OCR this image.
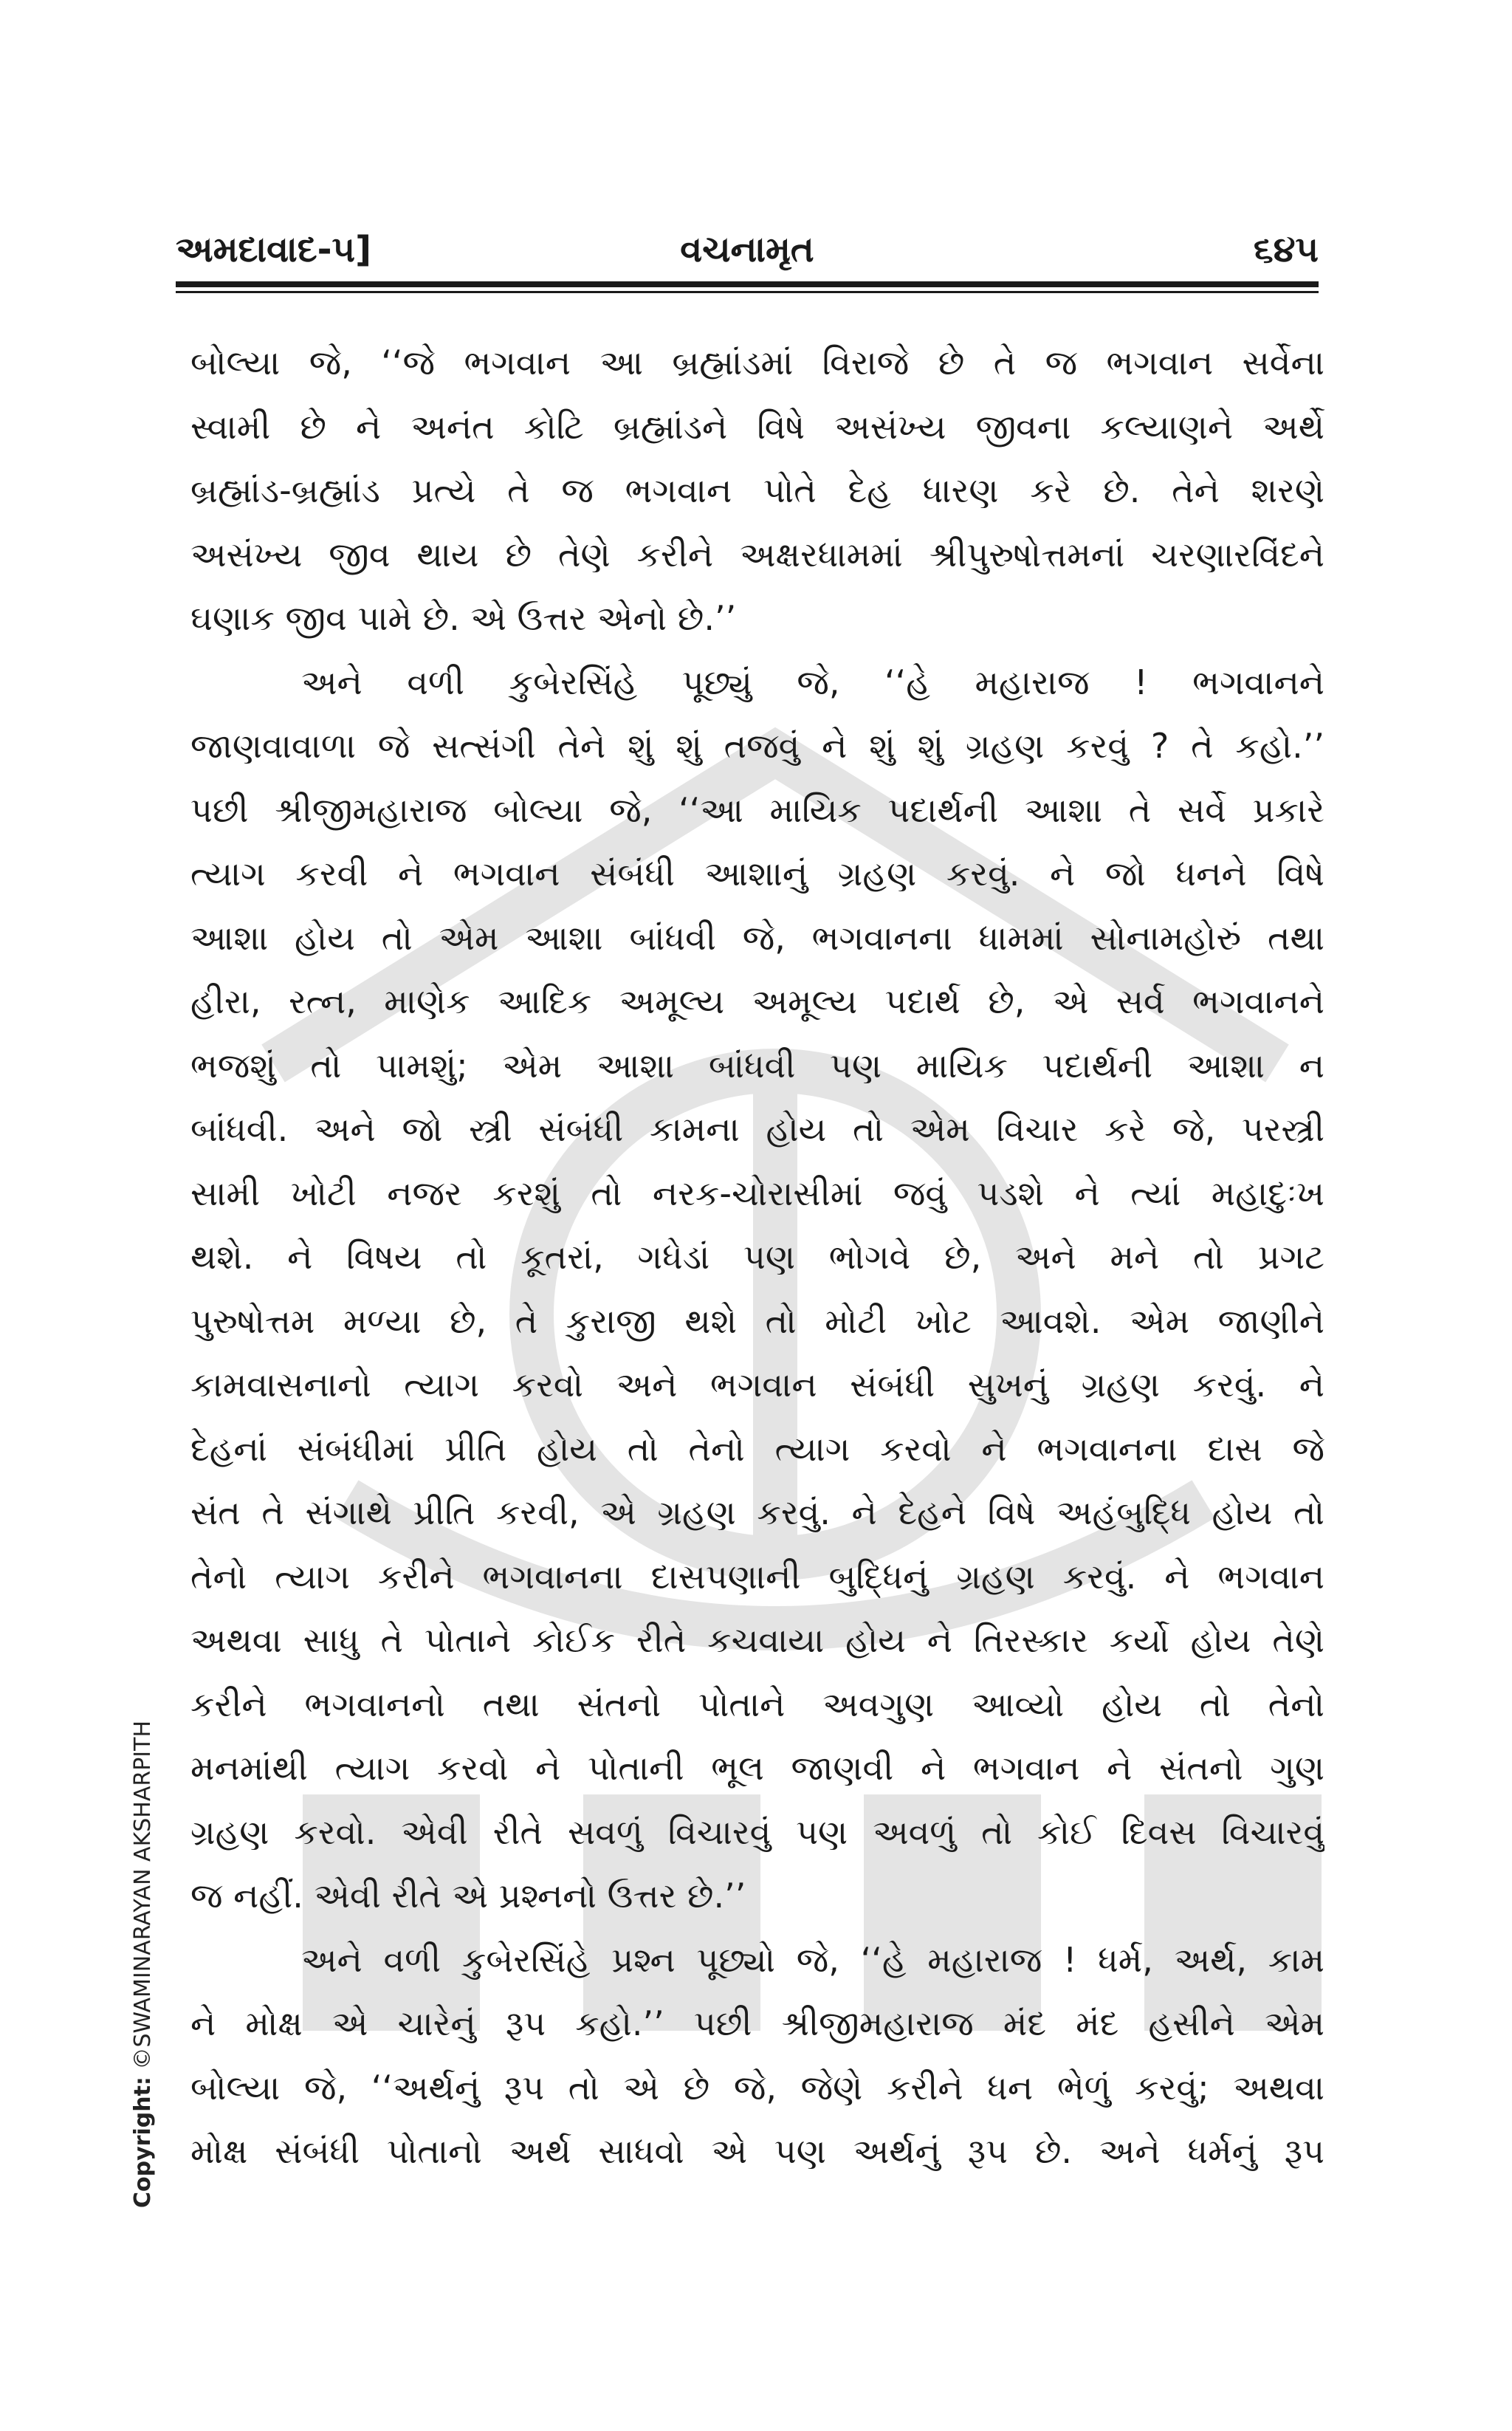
અમદાવાદ-૫]	વચનામૃત	૬૪૫
બોલ્યા જે, ‘‘જે ભગવાન આ બ્રહ્માંડમાં વિરાજે છે તે જ ભગવાન સર્વેના
સ્વામી છે ને અનંત કોટિ બ્રહ્માંડને વિષે અસંખ્ય જીવના કલ્યાણને અર્થે
બ્રહ્માંડ-બ્રહ્માંડ પ્રત્યે તે જ ભગવાન પોતે દેહ ધારણ કરે છે. તેને શરણે
અસંખ્ય જીવ થાય છે તેણે કરીને અક્ષરધામમાં શ્રીપુરુષોત્તમનાં ચરણારવિંદને
ઘણાક જીવ પામે છે. એ ઉત્તર એનો છે.’’
અને વળી કુબેરસિંહે પૂછ્યું જે, ‘‘હે મહારાજ ! ભગવાનને
જાણવાવાળા જે સત્સંગી તેને શું શું તજવું ને શું શું ગ્રહણ કરવું ? તે કહો.’’
પછી શ્રીજીમહારાજ બોલ્યા જે, ‘‘આ માયિક પદાર્થની આશા તે સર્વે પ્રકારે
ત્યાગ કરવી ને ભગવાન સંબંધી આશાનું ગ્રહણ કરવું. ને જો ધનને વિષે
આશા હોય તો એમ આશા બાંધવી જે, ભગવાનના ધામમાં સોનામહોરું તથા
હીરા, રત્ન, માણેક આદિક અમૂલ્ય અમૂલ્ય પદાર્થ છે, એ સર્વ ભગવાનને
ભજશું તો પામશું; એમ આશા બાંધવી પણ માયિક પદાર્થની આશા ન
બાંધવી. અને જો સ્ત્રી સંબંધી કામના હોય તો એમ વિચાર કરે જે, પરસ્ત્રી
સામી ખોટી નજર કરશું તો નરક-ચોરાસીમાં જવું પડશે ને ત્યાં મહાદુઃખ
થશે. ને વિષય તો કૂતરાં, ગધેડાં પણ ભોગવે છે, અને મને તો પ્રગટ
પુરુષોત્તમ મળ્યા છે, તે કુરાજી થશે તો મોટી ખોટ આવશે. એમ જાણીને
કામવાસનાનો ત્યાગ કરવો અને ભગવાન સંબંધી સુખનું ગ્રહણ કરવું. ને
દેહનાં સંબંધીમાં પ્રીતિ હોય તો તેનો ત્યાગ કરવો ને ભગવાનના દાસ જે
સંત તે સંગાથે પ્રીતિ કરવી, એ ગ્રહણ કરવું. ને દેહને વિષે અહંબુદ્ધિ હોય તો
તેનો ત્યાગ કરીને ભગવાનના દાસપણાની બુદ્ધિનું ગ્રહણ કરવું. ને ભગવાન
અથવા સાધુ તે પોતાને કોઈક રીતે કચવાયા હોય ને તિરસ્કાર કર્યો હોય તેણે
કરીને ભગવાનનો તથા સંતનો પોતાને અવગુણ આવ્યો હોય તો તેનો
મનમાંથી ત્યાગ કરવો ને પોતાની ભૂલ જાણવી ને ભગવાન ને સંતનો ગુણ
ગ્રહણ કરવો. એવી રીતે સવળું વિચારવું પણ અવળું તો કોઈ દિવસ વિચારવું
જ નહીં. એવી રીતે એ પ્રશ્નનો ઉત્તર છે.’’
અને વળી કુબેરસિંહે પ્રશ્ન પૂછ્યો જે, ‘‘હે મહારાજ ! ધર્મ, અર્થ, કામ
ને મોક્ષ એ ચારેનું રૂપ કહો.’’ પછી શ્રીજીમહારાજ મંદ મંદ હસીને એમ
બોલ્યા જે, ‘‘અર્થનું રૂપ તો એ છે જે, જેણે કરીને ધન ભેળું કરવું; અથવા
મોક્ષ સંબંધી પોતાનો અર્થ સાધવો એ પણ અર્થનું રૂપ છે. અને ધર્મનું રૂપ
Copyright: ©SWAMINARAYAN AKSHARPITH
